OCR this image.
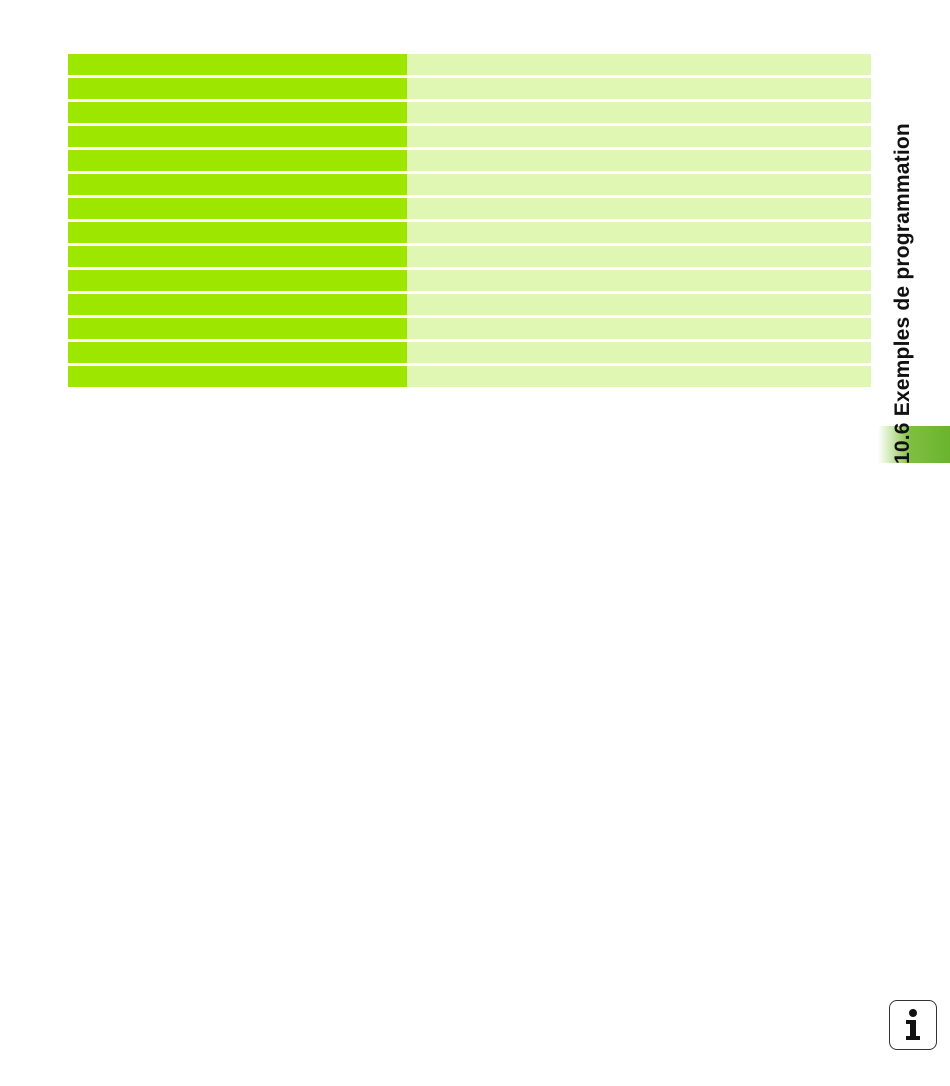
10.6 Exemples de programmation
